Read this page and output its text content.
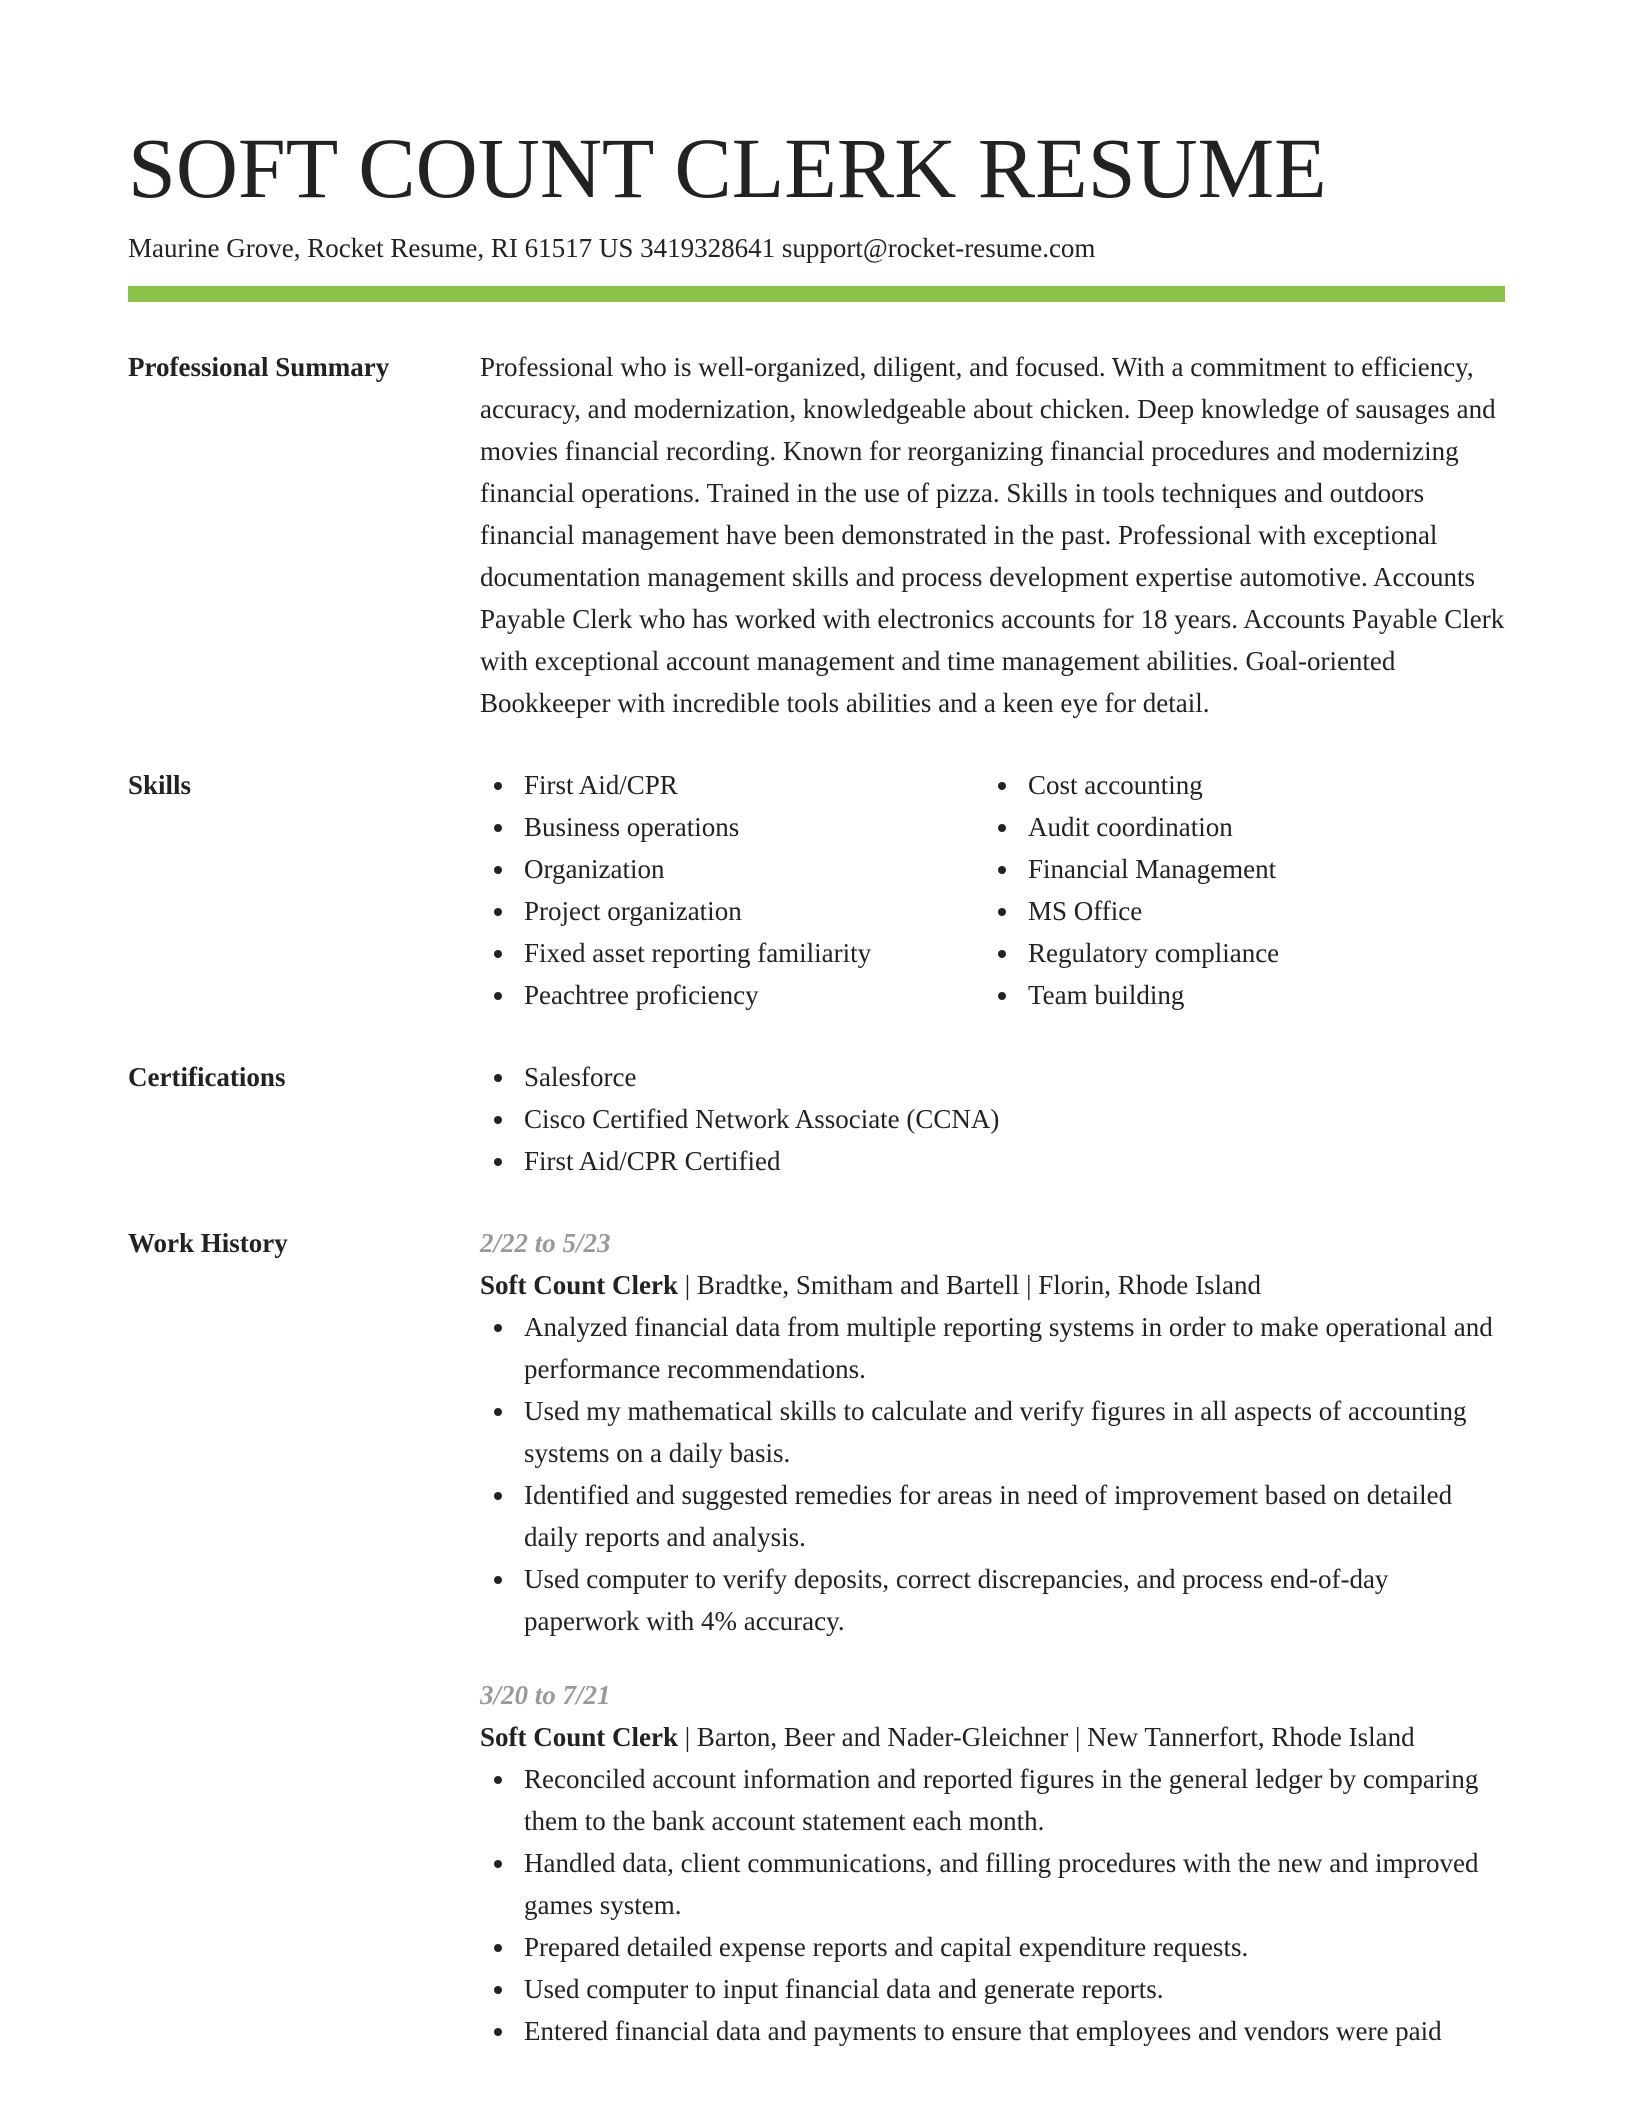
SOFT COUNT CLERK RESUME
Maurine Grove, Rocket Resume, RI 61517 US 3419328641 support@rocket-resume.com
Professional Summary	Professional who is well-organized, diligent, and focused. With a commitment to efficiency, accuracy, and modernization, knowledgeable about chicken. Deep knowledge of sausages and movies financial recording. Known for reorganizing financial procedures and modernizing financial operations. Trained in the use of pizza. Skills in tools techniques and outdoors financial management have been demonstrated in the past. Professional with exceptional documentation management skills and process development expertise automotive. Accounts Payable Clerk who has worked with electronics accounts for 18 years. Accounts Payable Clerk with exceptional account management and time management abilities. Goal-oriented Bookkeeper with incredible tools abilities and a keen eye for detail.

Skills	First Aid/CPR
Business operations
Organization
Project organization
Fixed asset reporting familiarity
Peachtree proficiency
Cost accounting
Audit coordination
Financial Management
MS Office
Regulatory compliance
Team building
Certifications	Salesforce
Cisco Certified Network Associate (CCNA)
First Aid/CPR Certified
Work History	2/22 to 5/23
Soft Count Clerk | Bradtke, Smitham and Bartell | Florin, Rhode Island
Analyzed financial data from multiple reporting systems in order to make operational and performance recommendations.
Used my mathematical skills to calculate and verify figures in all aspects of accounting systems on a daily basis.
Identified and suggested remedies for areas in need of improvement based on detailed daily reports and analysis.
Used computer to verify deposits, correct discrepancies, and process end-of-day paperwork with 4% accuracy.
3/20 to 7/21
Soft Count Clerk | Barton, Beer and Nader-Gleichner | New Tannerfort, Rhode Island
Reconciled account information and reported figures in the general ledger by comparing them to the bank account statement each month.
Handled data, client communications, and filling procedures with the new and improved games system.
Prepared detailed expense reports and capital expenditure requests.
Used computer to input financial data and generate reports.
Entered financial data and payments to ensure that employees and vendors were paid
